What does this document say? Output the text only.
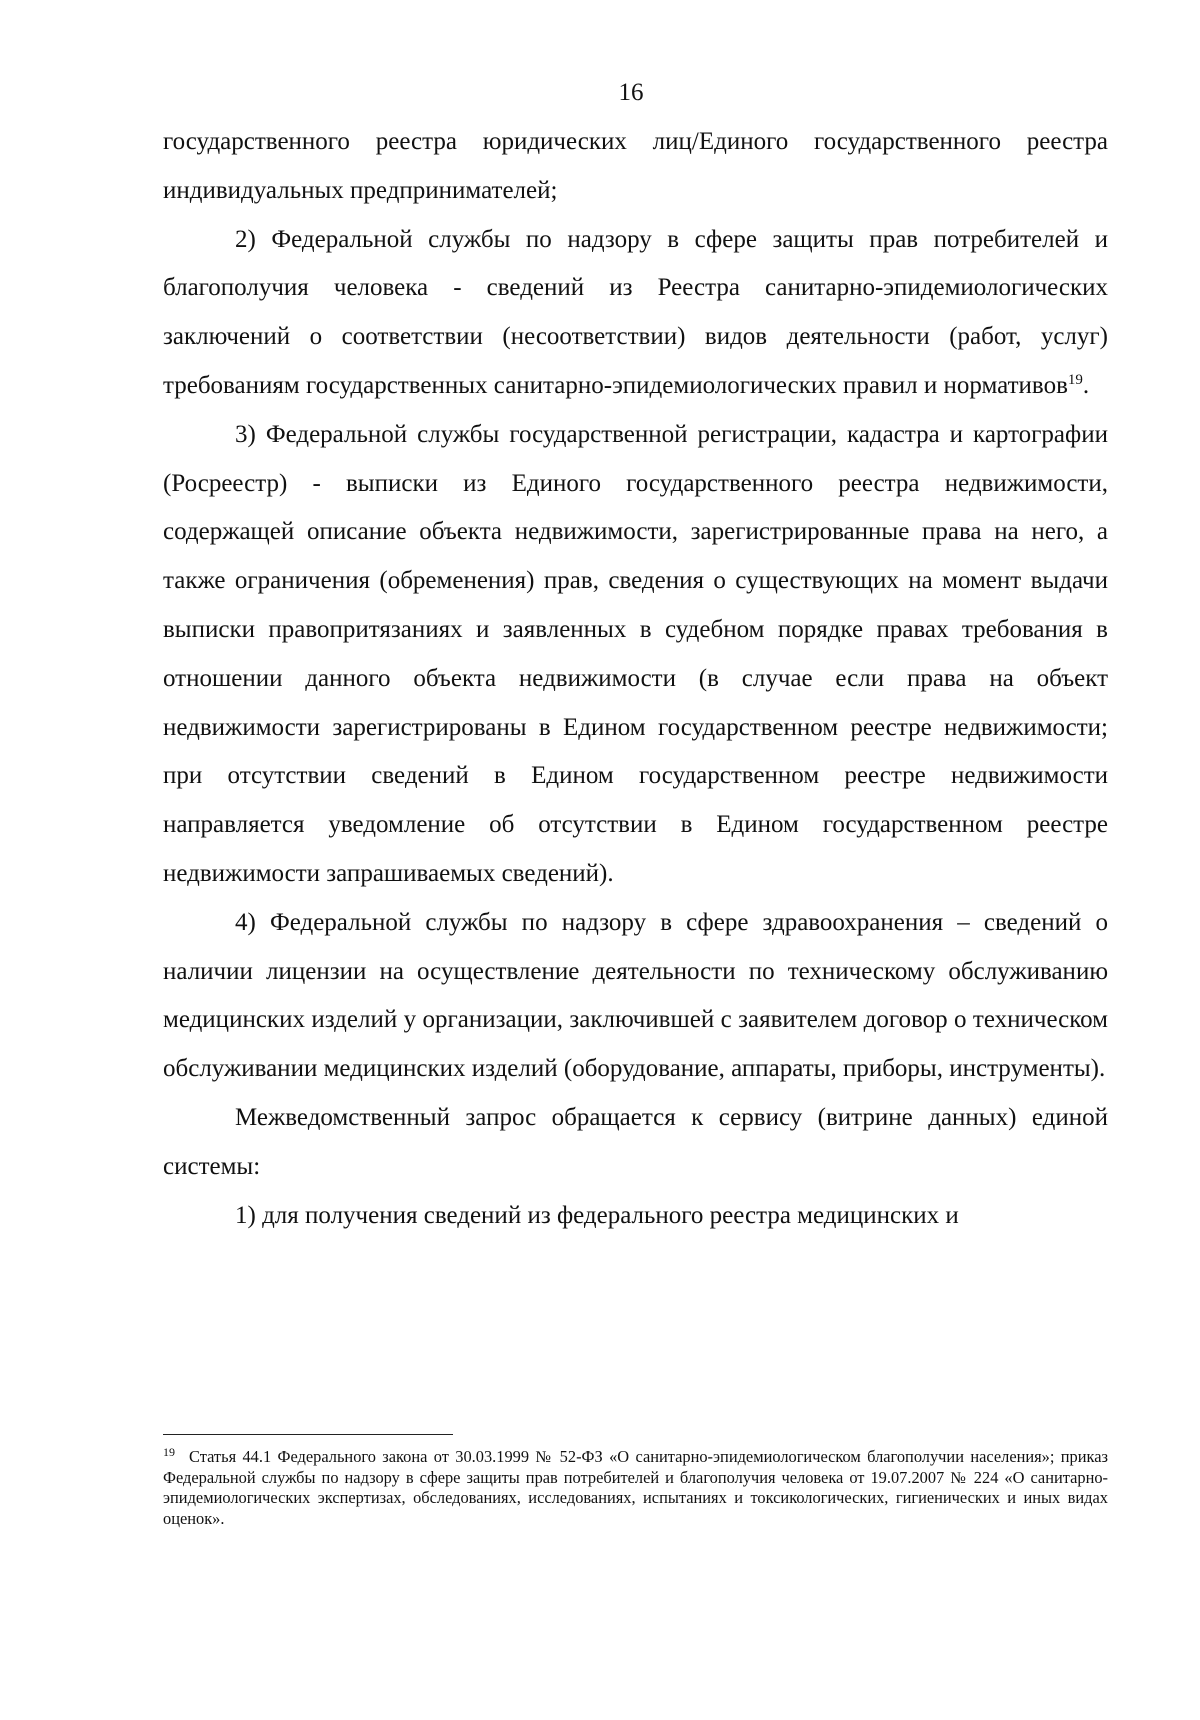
16

государственного реестра юридических лиц/Единого государственного реестра индивидуальных предпринимателей;

2) Федеральной службы по надзору в сфере защиты прав потребителей и благополучия человека - сведений из Реестра санитарно-эпидемиологических заключений о соответствии (несоответствии) видов деятельности (работ, услуг) требованиям государственных санитарно-эпидемиологических правил и нормативов$^{19}$.

3) Федеральной службы государственной регистрации, кадастра и картографии (Росреестр) - выписки из Единого государственного реестра недвижимости, содержащей описание объекта недвижимости, зарегистрированные права на него, а также ограничения (обременения) прав, сведения о существующих на момент выдачи выписки правопритязаниях и заявленных в судебном порядке правах требования в отношении данного объекта недвижимости (в случае если права на объект недвижимости зарегистрированы в Едином государственном реестре недвижимости; при отсутствии сведений в Едином государственном реестре недвижимости направляется уведомление об отсутствии в Едином государственном реестре недвижимости запрашиваемых сведений).

4) Федеральной службы по надзору в сфере здравоохранения – сведений о наличии лицензии на осуществление деятельности по техническому обслуживанию медицинских изделий у организации, заключившей с заявителем договор о техническом обслуживании медицинских изделий (оборудование, аппараты, приборы, инструменты).

Межведомственный запрос обращается к сервису (витрине данных) единой системы:

1) для получения сведений из федерального реестра медицинских и

$^{19}$ Статья 44.1 Федерального закона от 30.03.1999 № 52-ФЗ «О санитарно-эпидемиологическом благополучии населения»; приказ Федеральной службы по надзору в сфере защиты прав потребителей и благополучия человека от 19.07.2007 № 224 «О санитарно-эпидемиологических экспертизах, обследованиях, исследованиях, испытаниях и токсикологических, гигиенических и иных видах оценок».
